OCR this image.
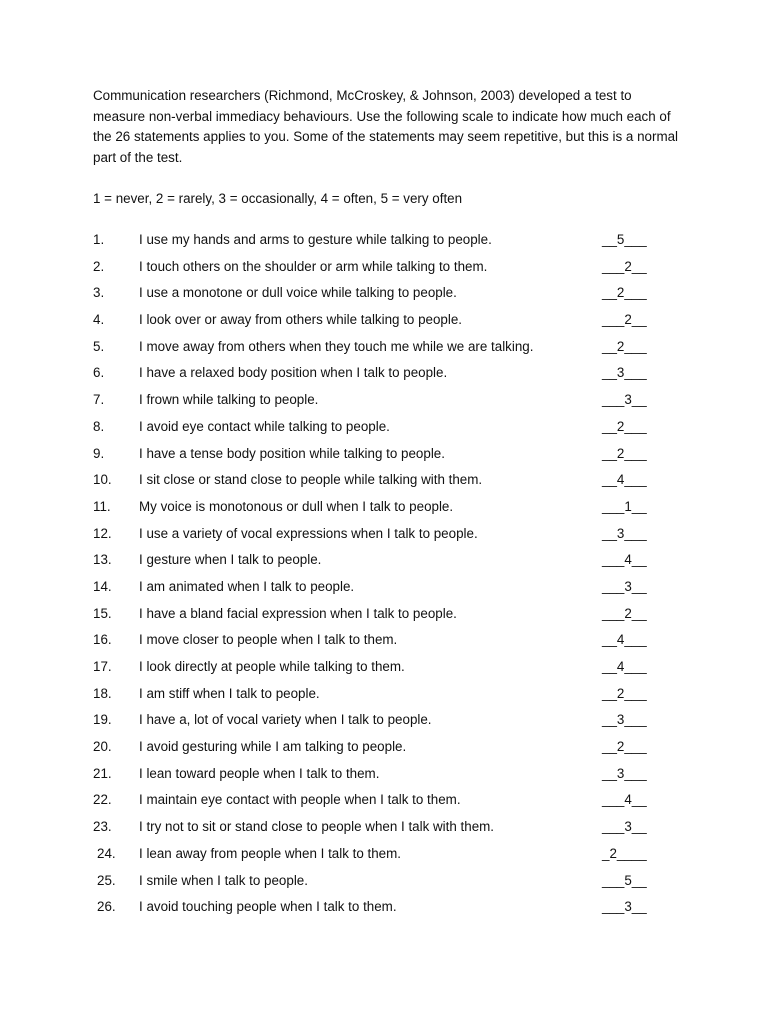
Communication researchers (Richmond, McCroskey, & Johnson, 2003) developed a test to measure non-verbal immediacy behaviours. Use the following scale to indicate how much each of the 26 statements applies to you. Some of the statements may seem repetitive, but this is a normal part of the test.

1 = never, 2 = rarely, 3 = occasionally, 4 = often, 5 = very often

1.	I use my hands and arms to gesture while talking to people.	__5___
2.	I touch others on the shoulder or arm while talking to them.	___2__
3.	I use a monotone or dull voice while talking to people.	__2___
4.	I look over or away from others while talking to people.	___2__
5.	I move away from others when they touch me while we are talking.	__2___
6.	I have a relaxed body position when I talk to people.	__3___
7.	I frown while talking to people.	___3__
8.	I avoid eye contact while talking to people.	__2___
9.	I have a tense body position while talking to people.	__2___
10.	I sit close or stand close to people while talking with them.	__4___
11.	My voice is monotonous or dull when I talk to people.	___1__
12.	I use a variety of vocal expressions when I talk to people.	__3___
13.	I gesture when I talk to people.	___4__
14.	I am animated when I talk to people.	___3__
15.	I have a bland facial expression when I talk to people.	___2__
16.	I move closer to people when I talk to them.	__4___
17.	I look directly at people while talking to them.	__4___
18.	I am stiff when I talk to people.	__2___
19.	I have a, lot of vocal variety when I talk to people.	__3___
20.	I avoid gesturing while I am talking to people.	__2___
21.	I lean toward people when I talk to them.	__3___
22.	I maintain eye contact with people when I talk to them.	___4__
23.	I try not to sit or stand close to people when I talk with them.	___3__
24.	I lean away from people when I talk to them.	_2____
25.	I smile when I talk to people.	___5__
26.	I avoid touching people when I talk to them.	___3__
